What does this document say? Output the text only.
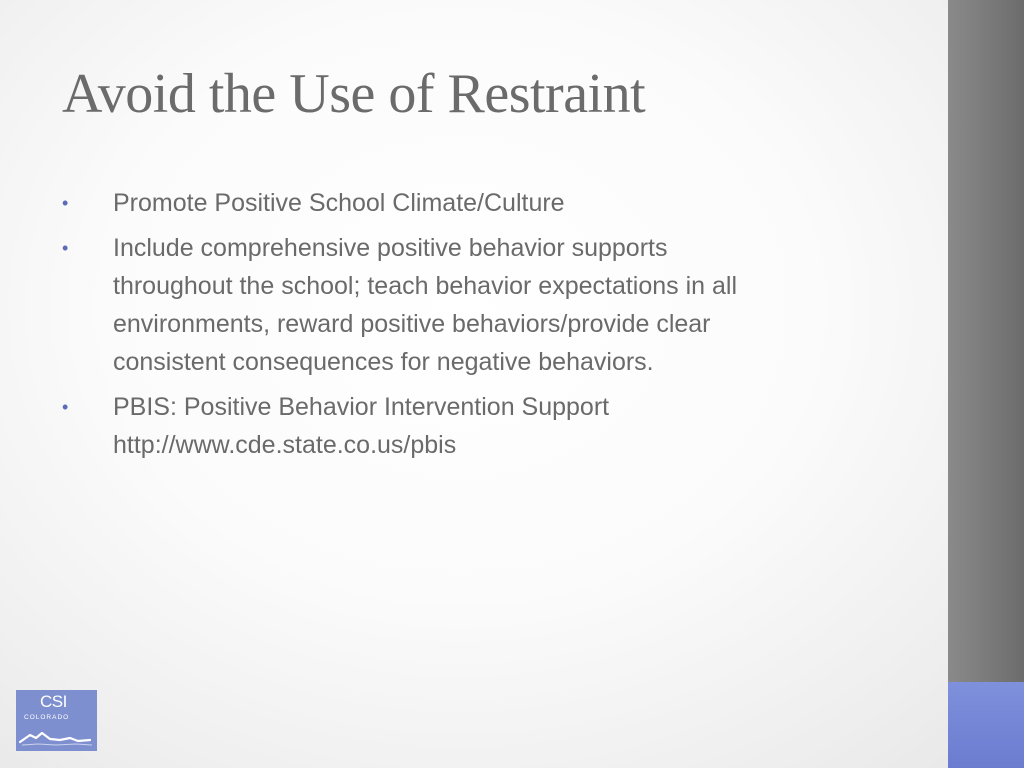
Avoid the Use of Restraint
•	Promote Positive School Climate/Culture
•	Include comprehensive positive behavior supports
throughout the school; teach behavior expectations in all
environments, reward positive behaviors/provide clear
consistent consequences for negative behaviors.
•	PBIS: Positive Behavior Intervention Support
http://www.cde.state.co.us/pbis
CSI
COLORADO
